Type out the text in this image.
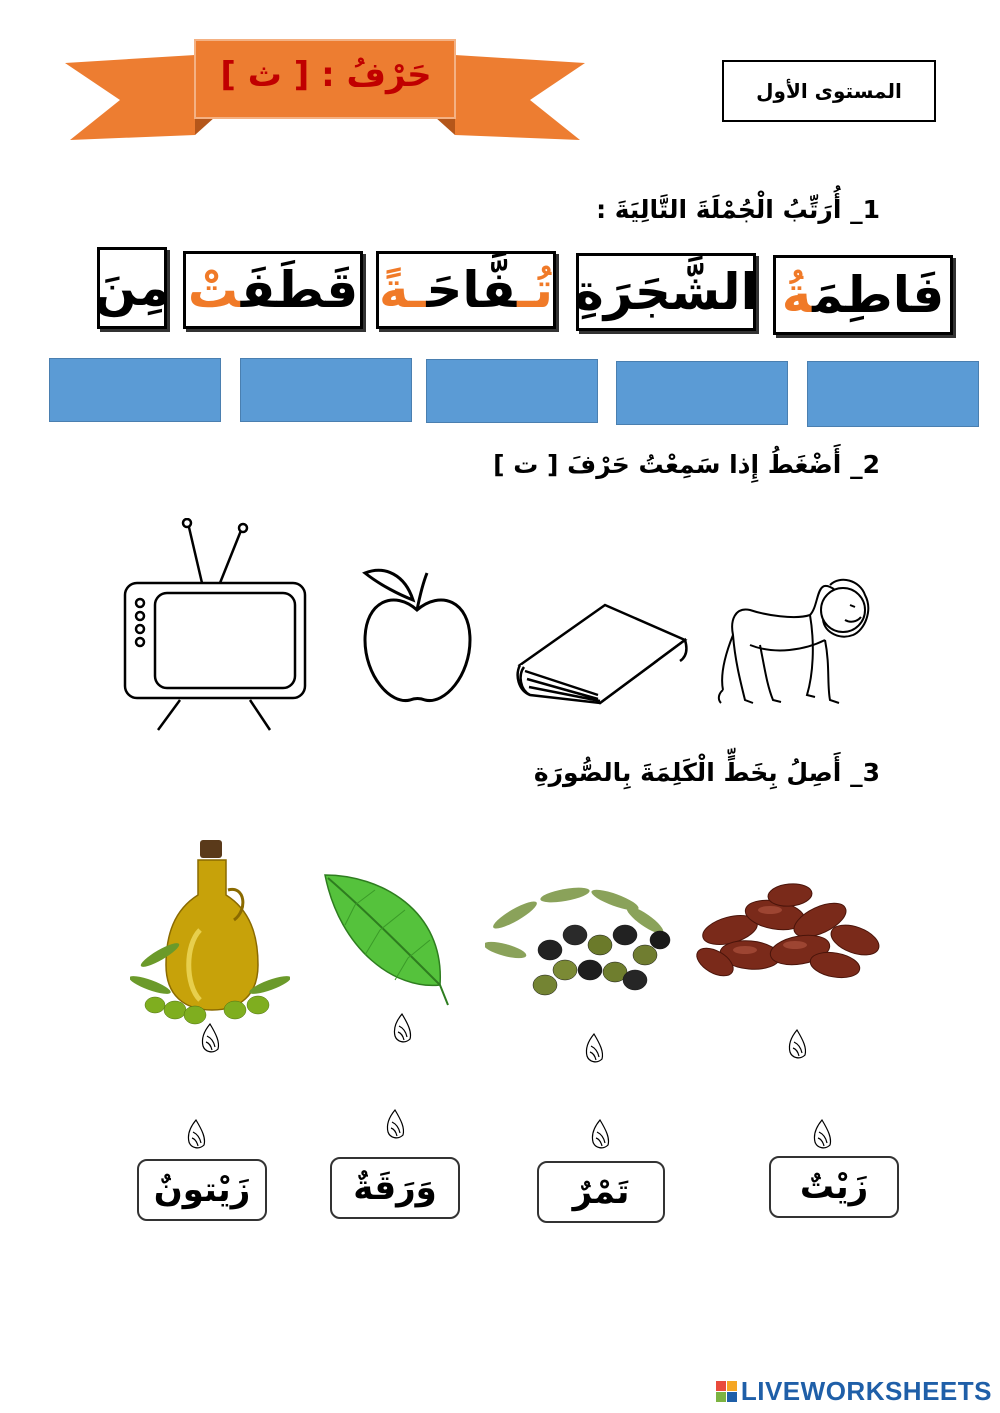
حَرْفُ : [ ث ]	المستوى الأول
1_ أُرَتِّبُ الْجُمْلَةَ التَّالِيَةَ :
فَاطِمَةُ
الشَّجَرَةِ
تُـفَّاحَـةً
قَطَفَتْ
مِنَ
2_ أَضْغَطُ إِذا سَمِعْتُ حَرْفَ [ ت ]
3_ أَصِلُ بِخَطٍّ الْكَلِمَةَ بِالصُّورَةِ
زَيْتٌ
تَمْرٌ
وَرَقَةٌ
زَيْتونٌ
LIVEWORKSHEETS
